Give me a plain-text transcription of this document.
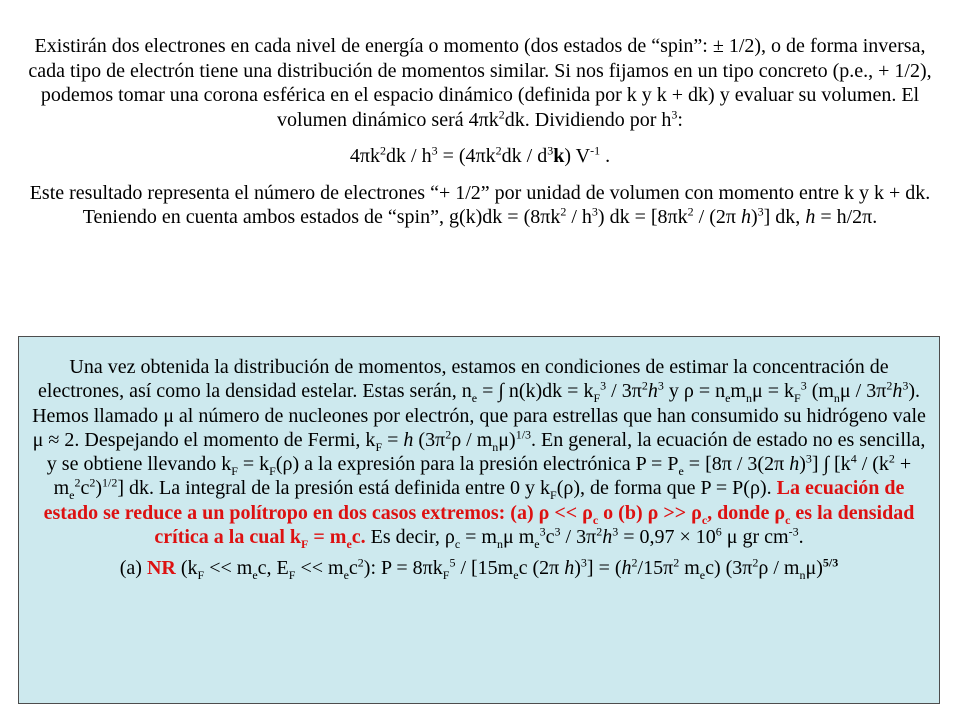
Existirán dos electrones en cada nivel de energía o momento (dos estados de “spin”: ± 1/2), o de forma inversa, cada tipo de electrón tiene una distribución de momentos similar. Si nos fijamos en un tipo concreto (p.e., + 1/2), podemos tomar una corona esférica en el espacio dinámico (definida por k y k + dk) y evaluar su volumen. El volumen dinámico será $4\pi k^2dk$. Dividiendo por $h^3$:

$4\pi k^2dk / h^3 = (4\pi k^2dk / d^3k)$ $V^{-1}$ .

Este resultado representa el número de electrones “+ 1/2” por unidad de volumen con momento entre k y k + dk. Teniendo en cuenta ambos estados de “spin”, $g(k)dk = (8\pi k^2 / h^3)$ dk = [$8\pi k^2 / (2\pi$ h)$^3$] dk, h = h/2π.

Una vez obtenida la distribución de momentos, estamos en condiciones de estimar la concentración de electrones, así como la densidad estelar. Estas serán, $n_e$ = ∫ $n(k)dk = k_F^3 / 3\pi^2h^3$ y $\rho = n_em_n\mu = k_F^3$ $(m_n\mu / 3\pi^2h^3)$. Hemos llamado μ al número de nucleones por electrón, que para estrellas que han consumido su hidrógeno vale μ ≈ 2. Despejando el momento de Fermi, $k_F = h$ $(3\pi^2\rho / m_n\mu)^{1/3}$. En general, la ecuación de estado no es sencilla, y se obtiene llevando $k_F = k_F(\rho)$ a la expresión para la presión electrónica $P = P_e = [8\pi / 3(2\pi$ h)$^3$] ∫ $[k^4 / (k^2 + m_e^2c^2)^{1/2}]$ dk. La integral de la presión está definida entre 0 y $k_F(\rho)$, de forma que P = P(ρ). La ecuación de estado se reduce a un polítropo en dos casos extremos: (a) $\rho << \rho_c$ o (b) $\rho >> \rho_c$, donde $\rho_c$ es la densidad crítica a la cual $k_F = m_ec$. Es decir, $\rho_c = m_n\mu$ $m_e^3c^3 / 3\pi^2h^3 = 0,97 \times 10^6$ μ gr $cm^{-3}$.

(a) NR ($k_F << m_ec$, $E_F << m_ec^2$): $P = 8\pi k_F^5 / [15m_ec$ (2π $h)^3] = (h^2/15\pi^2$ $m_ec$) $(3\pi^2\rho / m_n\mu)^{5/3}$
